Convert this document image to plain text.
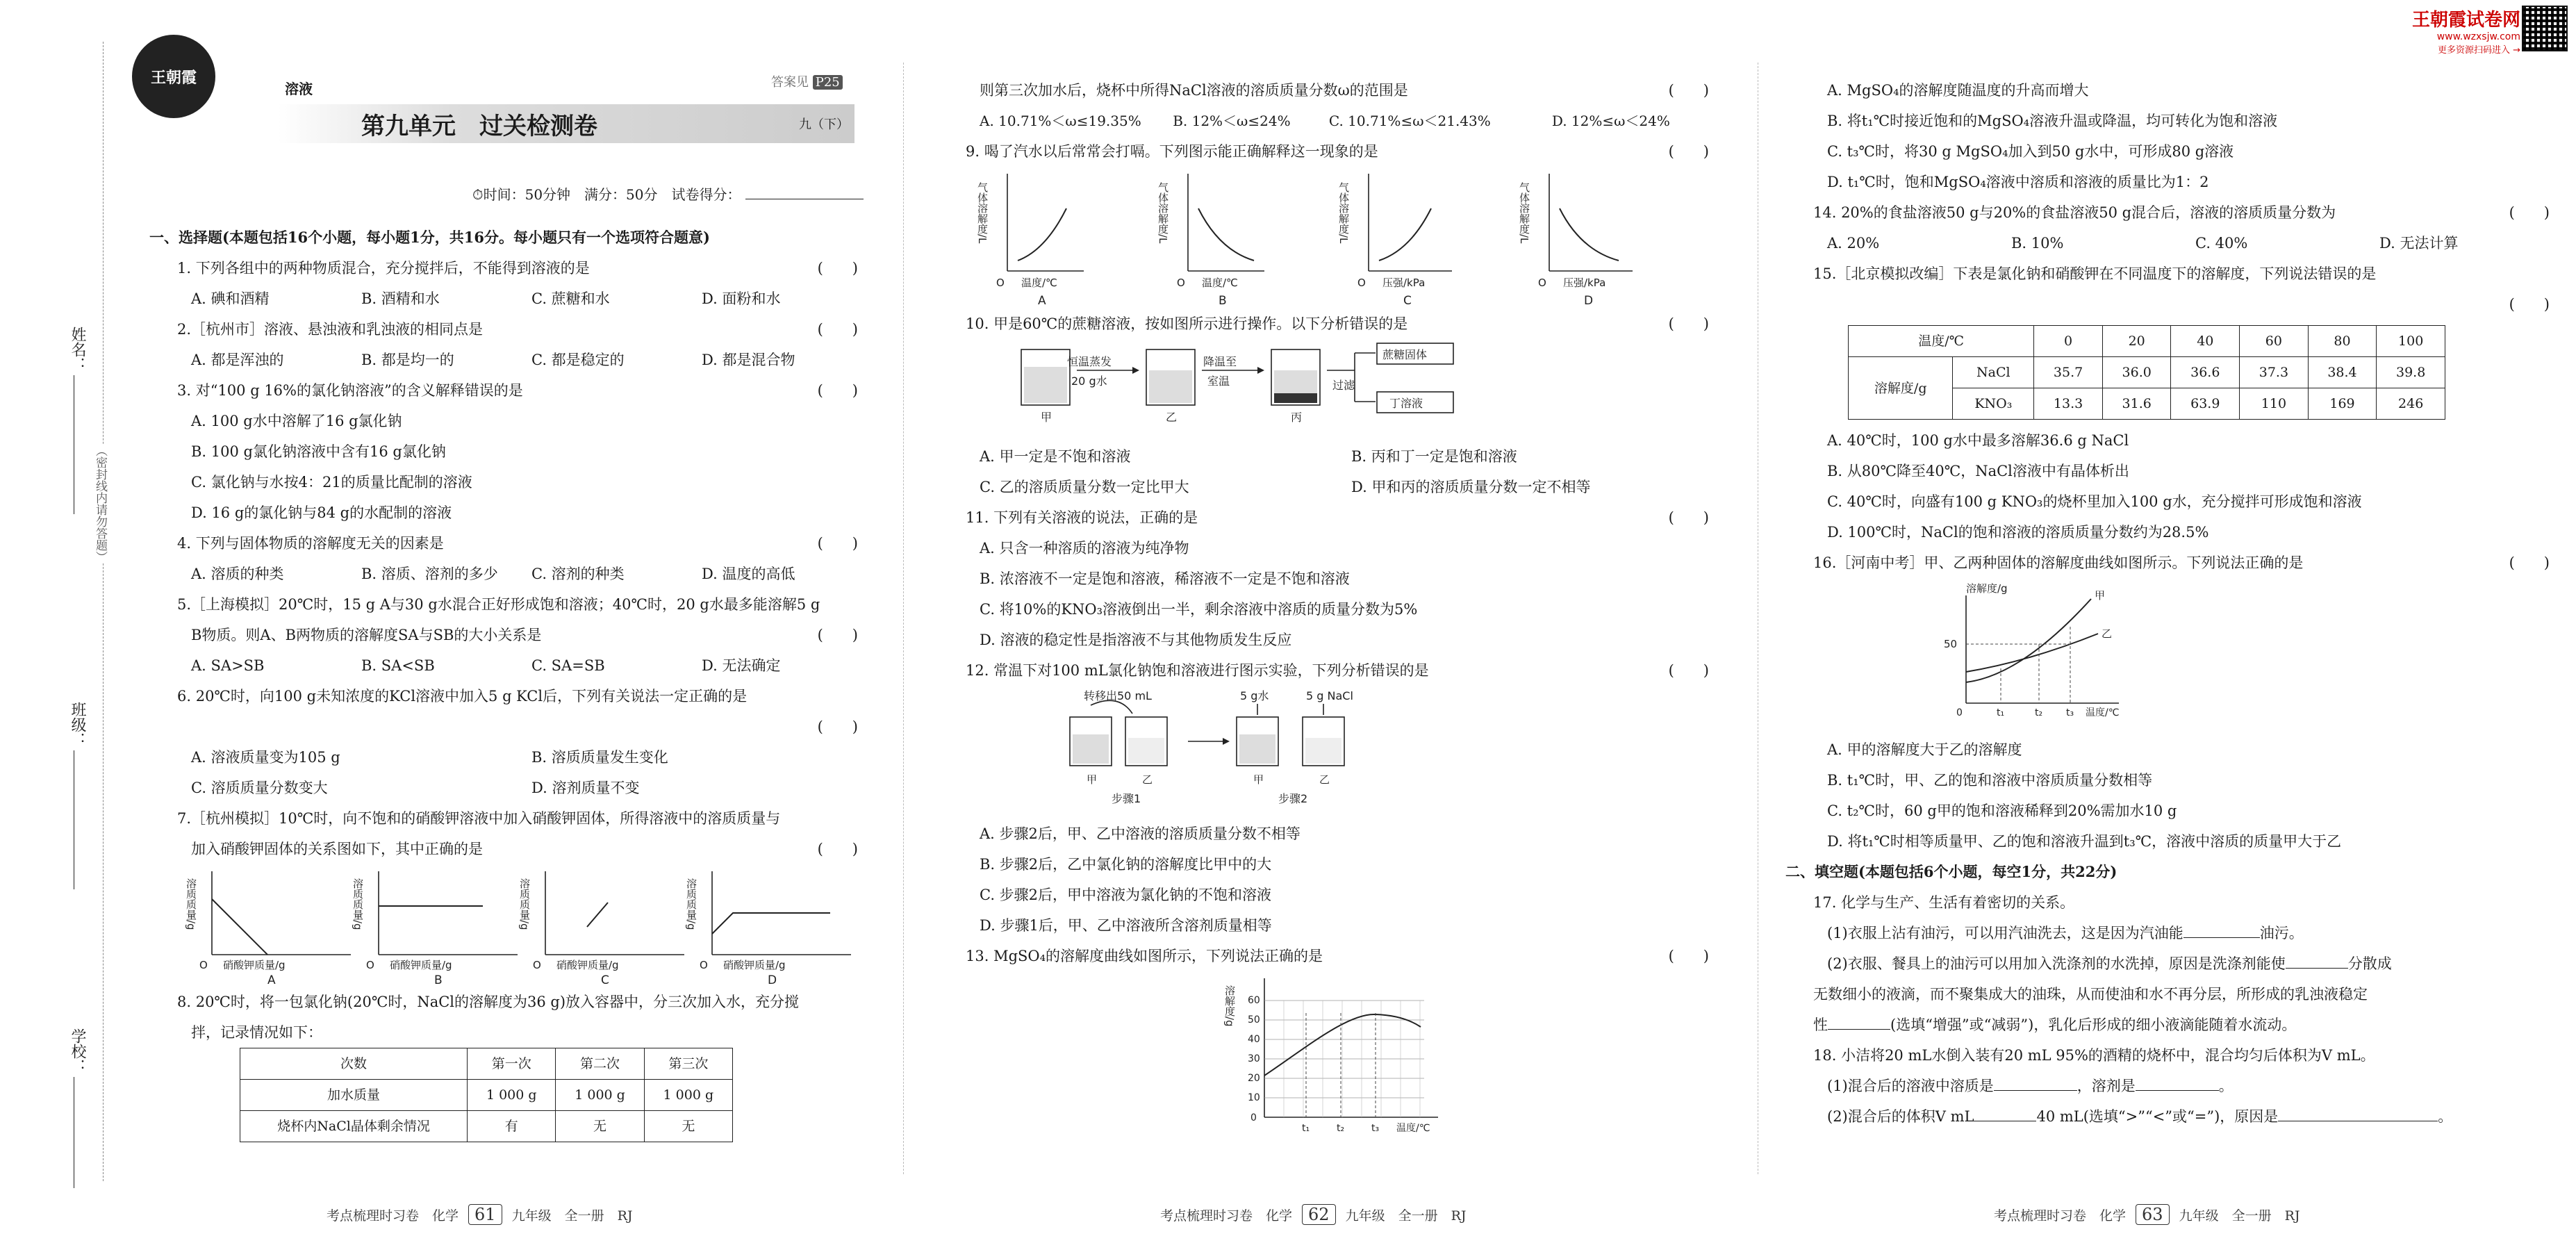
（密封线内请勿答题）
姓名：
班级：
学校：
王朝霞
溶液	答案见 P25
第九单元　过关检测卷	九（下）
⏱时间：50分钟　满分：50分　试卷得分：
一、选择题(本题包括16个小题，每小题1分，共16分。每小题只有一个选项符合题意)
1. 下列各组中的两种物质混合，充分搅拌后，不能得到溶液的是	(　　)
A. 碘和酒精	B. 酒精和水	C. 蔗糖和水	D. 面粉和水
2.［杭州市］溶液、悬浊液和乳浊液的相同点是	(　　)
A. 都是浑浊的	B. 都是均一的	C. 都是稳定的	D. 都是混合物
3. 对“100 g 16%的氯化钠溶液”的含义解释错误的是	(　　)
A. 100 g水中溶解了16 g氯化钠
B. 100 g氯化钠溶液中含有16 g氯化钠
C. 氯化钠与水按4：21的质量比配制的溶液
D. 16 g的氯化钠与84 g的水配制的溶液
4. 下列与固体物质的溶解度无关的因素是	(　　)
A. 溶质的种类	B. 溶质、溶剂的多少	C. 溶剂的种类	D. 温度的高低
5.［上海模拟］20℃时，15 g A与30 g水混合正好形成饱和溶液；40℃时，20 g水最多能溶解5 g
B物质。则A、B两物质的溶解度SA与SB的大小关系是	(　　)
A. SA>SB	B. SA<SB	C. SA=SB	D. 无法确定
6. 20℃时，向100 g未知浓度的KCl溶液中加入5 g KCl后，下列有关说法一定正确的是
(　　)
A. 溶液质量变为105 g	B. 溶质质量发生变化
C. 溶质质量分数变大	D. 溶剂质量不变
7.［杭州模拟］10℃时，向不饱和的硝酸钾溶液中加入硝酸钾固体，所得溶液中的溶质质量与
加入硝酸钾固体的关系图如下，其中正确的是	(　　)
溶质质量/g
O 硝酸钾质量/g
A
溶质质量/g
O 硝酸钾质量/g
B
溶质质量/g
O 硝酸钾质量/g
C
溶质质量/g
O 硝酸钾质量/g
D
8. 20℃时，将一包氯化钠(20℃时，NaCl的溶解度为36 g)放入容器中，分三次加入水，充分搅
拌，记录情况如下：
次数	第一次	第二次	第三次
加水质量	1 000 g	1 000 g	1 000 g
烧杯内NaCl晶体剩余情况	有	无	无
考点梳理时习卷　化学 61 九年级　全一册　RJ
则第三次加水后，烧杯中所得NaCl溶液的溶质质量分数ω的范围是	(　　)
A. 10.71%＜ω≤19.35%	B. 12%＜ω≤24%	C. 10.71%≤ω＜21.43%	D. 12%≤ω＜24%
9. 喝了汽水以后常常会打嗝。下列图示能正确解释这一现象的是	(　　)
气体溶解度/L
O 温度/℃
A
气体溶解度/L
O 温度/℃
B
气体溶解度/L
O 压强/kPa
C
气体溶解度/L
O 压强/kPa
D
10. 甲是60℃的蔗糖溶液，按如图所示进行操作。以下分析错误的是	(　　)
恒温蒸发
20 g水
降温至
室温	过滤
蔗糖固体
丁溶液
甲	乙	丙
A. 甲一定是不饱和溶液	B. 丙和丁一定是饱和溶液
C. 乙的溶质质量分数一定比甲大	D. 甲和丙的溶质质量分数一定不相等
11. 下列有关溶液的说法，正确的是	(　　)
A. 只含一种溶质的溶液为纯净物
B. 浓溶液不一定是饱和溶液，稀溶液不一定是不饱和溶液
C. 将10%的KNO₃溶液倒出一半，剩余溶液中溶质的质量分数为5%
D. 溶液的稳定性是指溶液不与其他物质发生反应
12. 常温下对100 mL氯化钠饱和溶液进行图示实验，下列分析错误的是	(　　)
转移出50 mL
甲	乙
步骤1
5 g水	5 g NaCl
甲	乙
步骤2
A. 步骤2后，甲、乙中溶液的溶质质量分数不相等
B. 步骤2后，乙中氯化钠的溶解度比甲中的大
C. 步骤2后，甲中溶液为氯化钠的不饱和溶液
D. 步骤1后，甲、乙中溶液所含溶剂质量相等
13. MgSO₄的溶解度曲线如图所示，下列说法正确的是	(　　)
溶解度/g
0
10
20
30
40
50
60
t₁	t₂	t₃ 温度/℃
考点梳理时习卷　化学 62 九年级　全一册　RJ
王朝霞试卷网
www.wzxsjw.com
更多资源扫码进入 →
A. MgSO₄的溶解度随温度的升高而增大
B. 将t₁℃时接近饱和的MgSO₄溶液升温或降温，均可转化为饱和溶液
C. t₃℃时，将30 g MgSO₄加入到50 g水中，可形成80 g溶液
D. t₁℃时，饱和MgSO₄溶液中溶质和溶液的质量比为1：2
14. 20%的食盐溶液50 g与20%的食盐溶液50 g混合后，溶液的溶质质量分数为	(　　)
A. 20%	B. 10%	C. 40%	D. 无法计算
15.［北京模拟改编］下表是氯化钠和硝酸钾在不同温度下的溶解度，下列说法错误的是
(　　)
温度/℃		0	20	40	60	80	100
溶解度/g	NaCl	35.7	36.0	36.6	37.3	38.4	39.8
	KNO₃	13.3	31.6	63.9	110	169	246
A. 40℃时，100 g水中最多溶解36.6 g NaCl
B. 从80℃降至40℃，NaCl溶液中有晶体析出
C. 40℃时，向盛有100 g KNO₃的烧杯里加入100 g水，充分搅拌可形成饱和溶液
D. 100℃时，NaCl的饱和溶液的溶质质量分数约为28.5%
16.［河南中考］甲、乙两种固体的溶解度曲线如图所示。下列说法正确的是	(　　)
溶解度/g
50
甲
乙
0	t₁	t₂ t₃ 温度/℃
A. 甲的溶解度大于乙的溶解度
B. t₁℃时，甲、乙的饱和溶液中溶质质量分数相等
C. t₂℃时，60 g甲的饱和溶液稀释到20%需加水10 g
D. 将t₁℃时相等质量甲、乙的饱和溶液升温到t₃℃，溶液中溶质的质量甲大于乙
二、填空题(本题包括6个小题，每空1分，共22分)
17. 化学与生产、生活有着密切的关系。
(1)衣服上沾有油污，可以用汽油洗去，这是因为汽油能	油污。
(2)衣服、餐具上的油污可以用加入洗涤剂的水洗掉，原因是洗涤剂能使	分散成
无数细小的液滴，而不聚集成大的油珠，从而使油和水不再分层，所形成的乳浊液稳定
性	(选填“增强”或“减弱”)，乳化后形成的细小液滴能随着水流动。
18. 小洁将20 mL水倒入装有20 mL 95%的酒精的烧杯中，混合均匀后体积为V mL。
(1)混合后的溶液中溶质是	，溶剂是	。
(2)混合后的体积V mL	40 mL(选填“>”“<”或“=”)，原因是	。
考点梳理时习卷　化学 63 九年级　全一册　RJ
